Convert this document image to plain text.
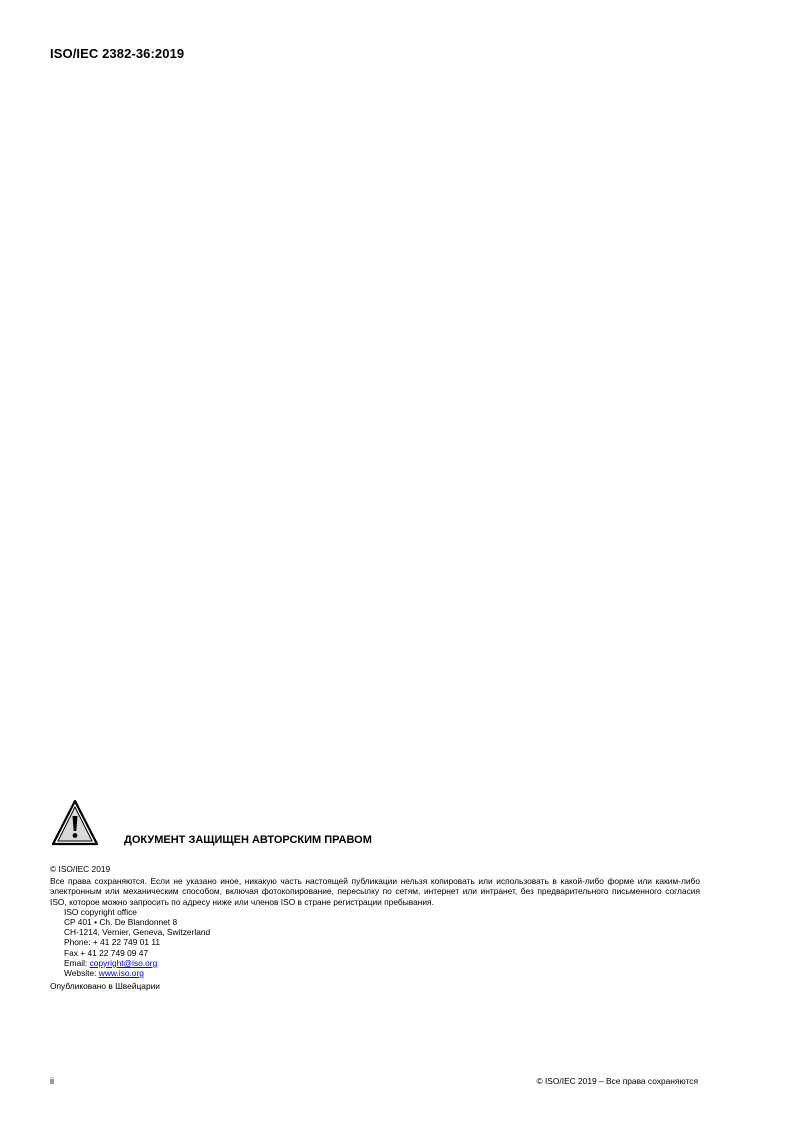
ISO/IEC 2382-36:2019
ДОКУМЕНТ ЗАЩИЩЕН АВТОРСКИМ ПРАВОМ
© ISO/IEC 2019
Все права сохраняются. Если не указано иное, никакую часть настоящей публикации нельзя копировать или использовать в какой-либо форме или каким-либо электронным или механическим способом, включая фотокопирование, пересылку по сетям, интернет или интранет, без предварительного письменного согласия ISO, которое можно запросить по адресу ниже или членов ISO в стране регистрации пребывания.
ISO copyright office
CP 401 • Ch. De Blandonnet 8
CH-1214, Vernier, Geneva, Switzerland
Phone: + 41 22 749 01 11
Fax + 41 22 749 09 47
Email: copyright@iso.org
Website: www.iso.org
Опубликовано в Швейцарии
ii	© ISO/IEC 2019 – Все права сохраняются
